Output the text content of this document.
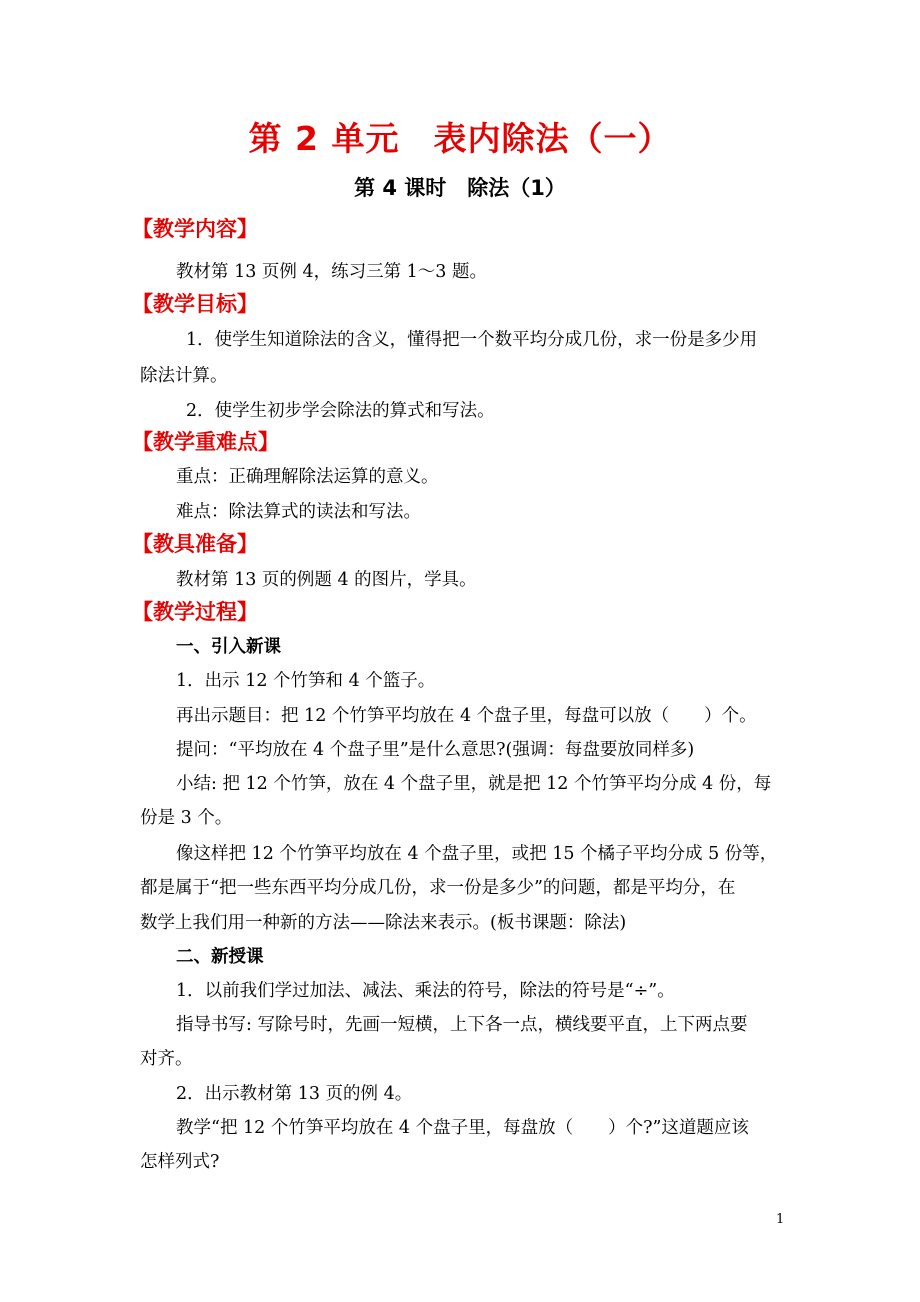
第 2 单元　表内除法（一）
第 4 课时　除法（1）
【教学内容】
教材第 13 页例 4，练习三第 1～3 题。
【教学目标】
1．使学生知道除法的含义，懂得把一个数平均分成几份，求一份是多少用
除法计算。
2．使学生初步学会除法的算式和写法。
【教学重难点】
重点：正确理解除法运算的意义。
难点：除法算式的读法和写法。
【教具准备】
教材第 13 页的例题 4 的图片，学具。
【教学过程】
一、引入新课
1．出示 12 个竹笋和 4 个篮子。
再出示题目：把 12 个竹笋平均放在 4 个盘子里，每盘可以放（　　）个。
提问：“平均放在 4 个盘子里”是什么意思?(强调：每盘要放同样多)
小结: 把 12 个竹笋，放在 4 个盘子里，就是把 12 个竹笋平均分成 4 份，每
份是 3 个。
像这样把 12 个竹笋平均放在 4 个盘子里，或把 15 个橘子平均分成 5 份等，
都是属于“把一些东西平均分成几份，求一份是多少”的问题，都是平均分，在
数学上我们用一种新的方法——除法来表示。(板书课题：除法)
二、新授课
1．以前我们学过加法、减法、乘法的符号，除法的符号是“÷”。
指导书写: 写除号时，先画一短横，上下各一点，横线要平直，上下两点要
对齐。
2．出示教材第 13 页的例 4。
教学“把 12 个竹笋平均放在 4 个盘子里，每盘放（　　）个?”这道题应该
怎样列式?
1
